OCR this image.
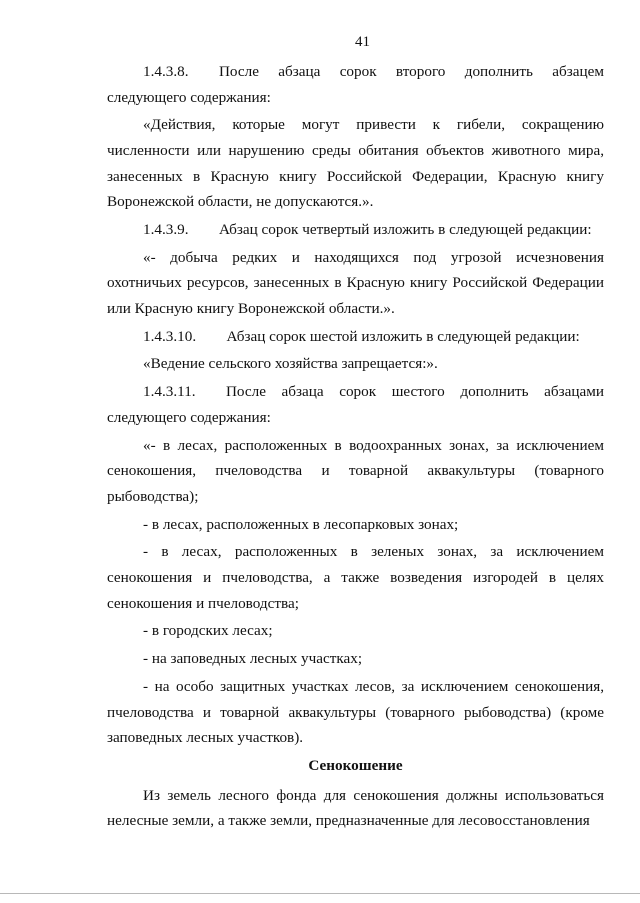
41

1.4.3.8.  После абзаца сорок второго дополнить абзацем следующего содержания:

«Действия, которые могут привести к гибели, сокращению численности или нарушению среды обитания объектов животного мира, занесенных в Красную книгу Российской Федерации, Красную книгу Воронежской области, не допускаются.».

1.4.3.9.  Абзац сорок четвертый изложить в следующей редакции:

«- добыча редких и находящихся под угрозой исчезновения охотничьих ресурсов, занесенных в Красную книгу Российской Федерации или Красную книгу Воронежской области.».

1.4.3.10.  Абзац сорок шестой изложить в следующей редакции:

«Ведение сельского хозяйства запрещается:».

1.4.3.11.  После абзаца сорок шестого дополнить абзацами следующего содержания:

«- в лесах, расположенных в водоохранных зонах, за исключением сенокошения, пчеловодства и товарной аквакультуры (товарного рыбоводства);

- в лесах, расположенных в лесопарковых зонах;

- в лесах, расположенных в зеленых зонах, за исключением сенокошения и пчеловодства, а также возведения изгородей в целях сенокошения и пчеловодства;

- в городских лесах;

- на заповедных лесных участках;

- на особо защитных участках лесов, за исключением сенокошения, пчеловодства и товарной аквакультуры (товарного рыбоводства) (кроме заповедных лесных участков).

Сенокошение

Из земель лесного фонда для сенокошения должны использоваться нелесные земли, а также земли, предназначенные для лесовосстановления
